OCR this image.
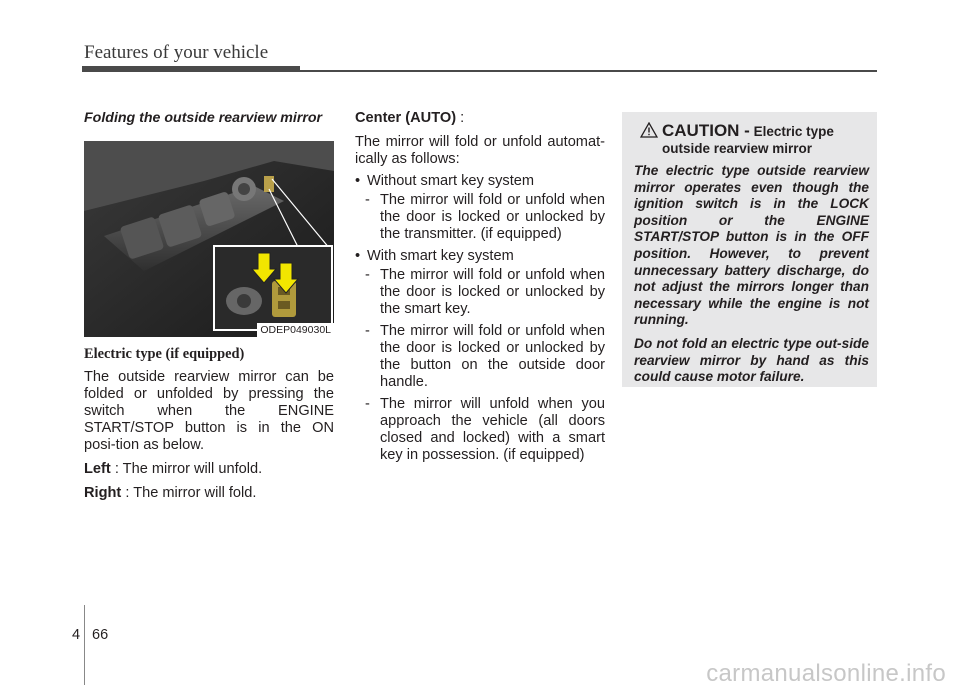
Features of your vehicle
Folding the outside rearview mirror
ODEP049030L
Electric type (if equipped)
The outside rearview mirror can be folded or unfolded by pressing the switch when the ENGINE START/STOP button is in the ON posi-tion as below.

Left : The mirror will unfold.

Right : The mirror will fold.

Center (AUTO) :

The mirror will fold or unfold automat-ically as follows:
• Without smart key system
- The mirror will fold or unfold when the door is locked or unlocked by the transmitter. (if equipped)
• With smart key system
- The mirror will fold or unfold when the door is locked or unlocked by the smart key.
- The mirror will fold or unfold when the door is locked or unlocked by the button on the outside door handle.
- The mirror will unfold when you approach the vehicle (all doors closed and locked) with a smart key in possession. (if equipped)
CAUTION - Electric type
outside rearview mirror
The electric type outside rearview mirror operates even though the ignition switch is in the LOCK position or the ENGINE START/STOP button is in the OFF position. However, to prevent unnecessary battery discharge, do not adjust the mirrors longer than necessary while the engine is not running.
Do not fold an electric type out-side rearview mirror by hand as this could cause motor failure.
4 66
carmanualsonline.info
